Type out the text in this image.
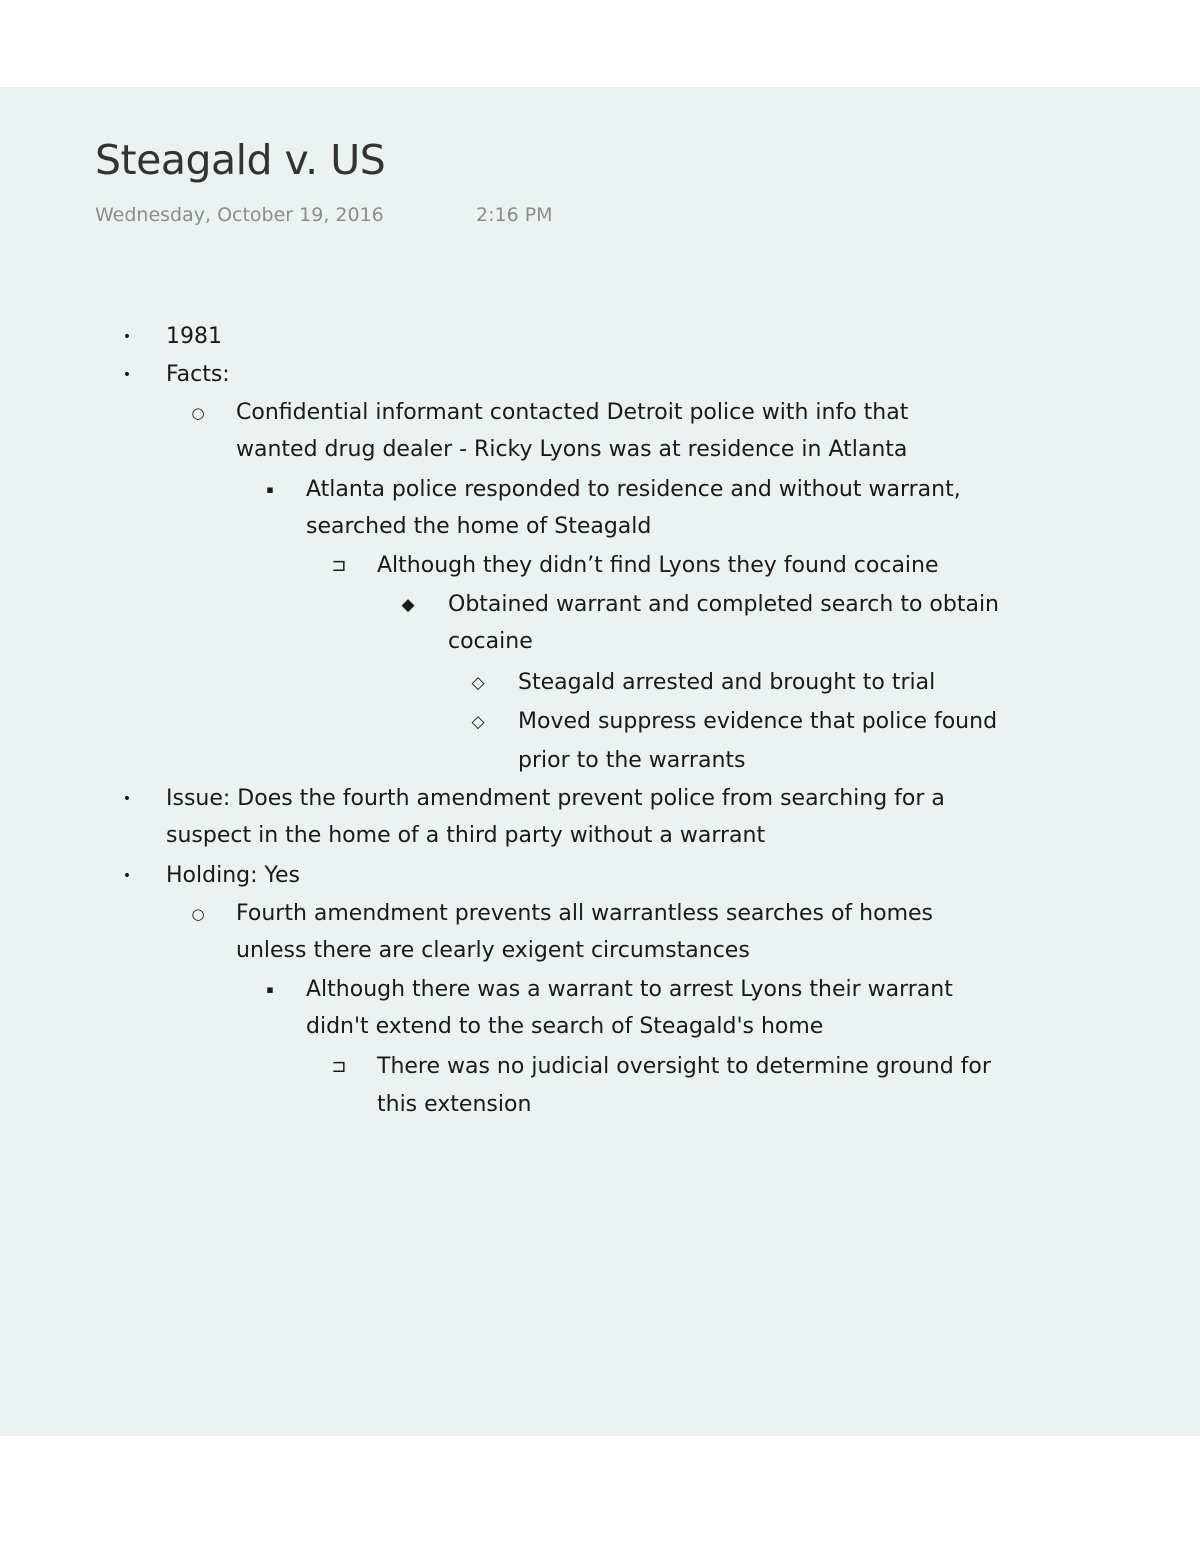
Steagald v. US
Wednesday, October 19, 2016	2:16 PM
•	1981

•	Facts:

○ Confidential informant contacted Detroit police with info that

wanted drug dealer - Ricky Lyons was at residence in Atlanta

▪	Atlanta police responded to residence and without warrant,

searched the home of Steagald

⊐ Although they didn’t find Lyons they found cocaine

◆ Obtained warrant and completed search to obtain

cocaine

◇ Steagald arrested and brought to trial

◇ Moved suppress evidence that police found

prior to the warrants

•	Issue: Does the fourth amendment prevent police from searching for a

suspect in the home of a third party without a warrant

•	Holding: Yes

○ Fourth amendment prevents all warrantless searches of homes

unless there are clearly exigent circumstances

▪	Although there was a warrant to arrest Lyons their warrant

didn't extend to the search of Steagald's home

⊐ There was no judicial oversight to determine ground for

this extension
